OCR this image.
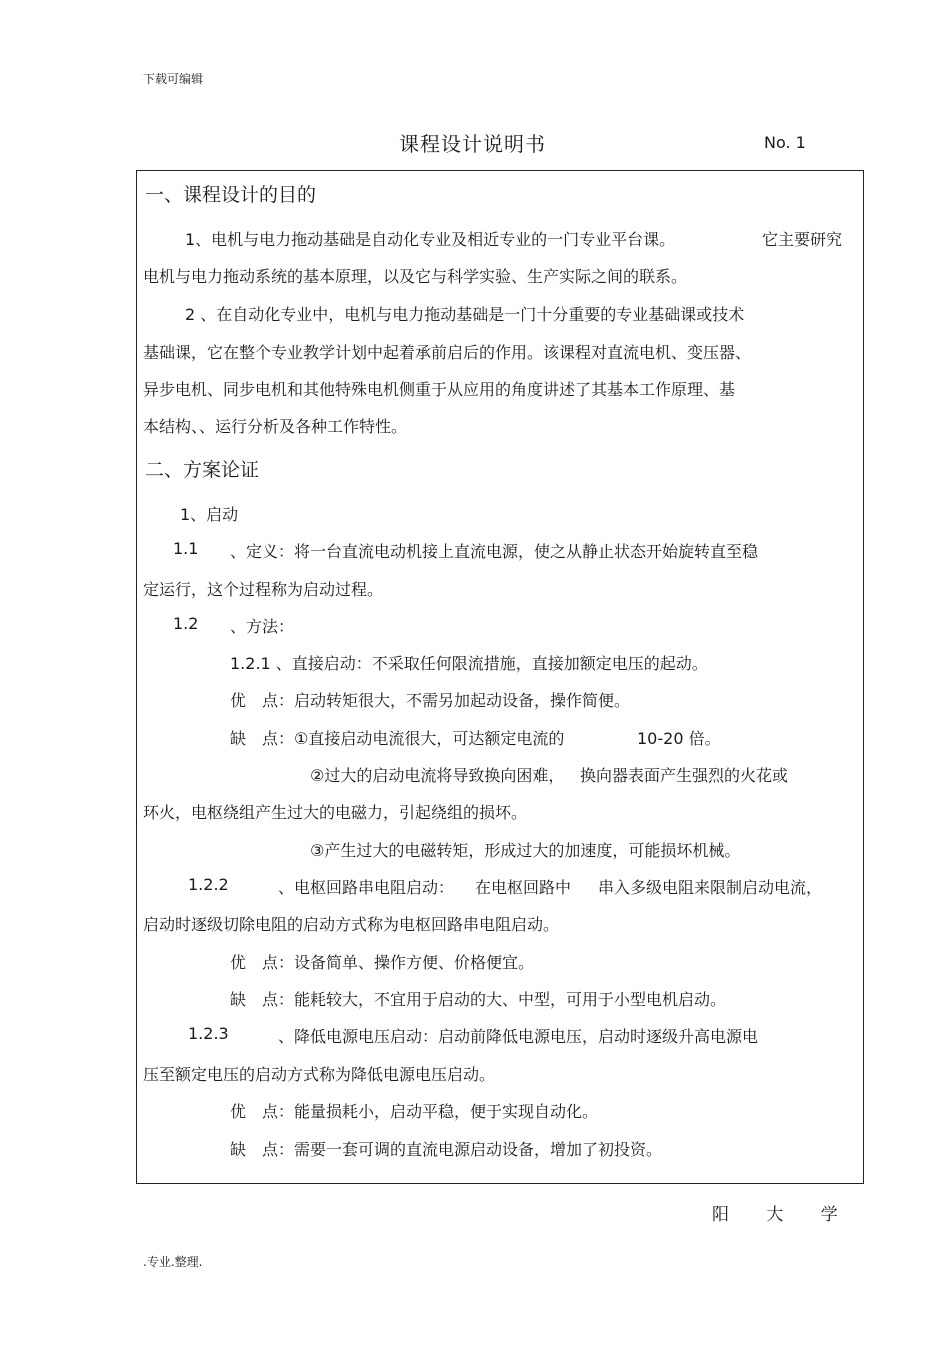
下载可编辑
课程设计说明书	No. 1
一、课程设计的目的
1、电机与电力拖动基础是自动化专业及相近专业的一门专业平台课。	它主要研究
电机与电力拖动系统的基本原理，以及它与科学实验、生产实际之间的联系。
2 、在自动化专业中，电机与电力拖动基础是一门十分重要的专业基础课或技术
基础课，它在整个专业教学计划中起着承前启后的作用。该课程对直流电机、变压器、
异步电机、同步电机和其他特殊电机侧重于从应用的角度讲述了其基本工作原理、基
本结构、、运行分析及各种工作特性。
二、方案论证
1、启动
1.1 、定义：将一台直流电动机接上直流电源，使之从静止状态开始旋转直至稳
定运行，这个过程称为启动过程。
1.2 、方法：
1.2.1 、直接启动：不采取任何限流措施，直接加额定电压的起动。
优　点：启动转矩很大，不需另加起动设备，操作简便。
缺　点：①直接启动电流很大，可达额定电流的	10-20 倍。
②过大的启动电流将导致换向困难， 换向器表面产生强烈的火花或
环火，电枢绕组产生过大的电磁力，引起绕组的损坏。
③产生过大的电磁转矩，形成过大的加速度，可能损坏机械。
1.2.2	、电枢回路串电阻启动： 在电枢回路中 串入多级电阻来限制启动电流，
启动时逐级切除电阻的启动方式称为电枢回路串电阻启动。
优　点：设备简单、操作方便、价格便宜。
缺　点：能耗较大，不宜用于启动的大、中型，可用于小型电机启动。
1.2.3	、降低电源电压启动：启动前降低电源电压，启动时逐级升高电源电
压至额定电压的启动方式称为降低电源电压启动。
优　点：能量损耗小，启动平稳，便于实现自动化。
缺　点：需要一套可调的直流电源启动设备，增加了初投资。
阳 大 学
.专业.整理.
